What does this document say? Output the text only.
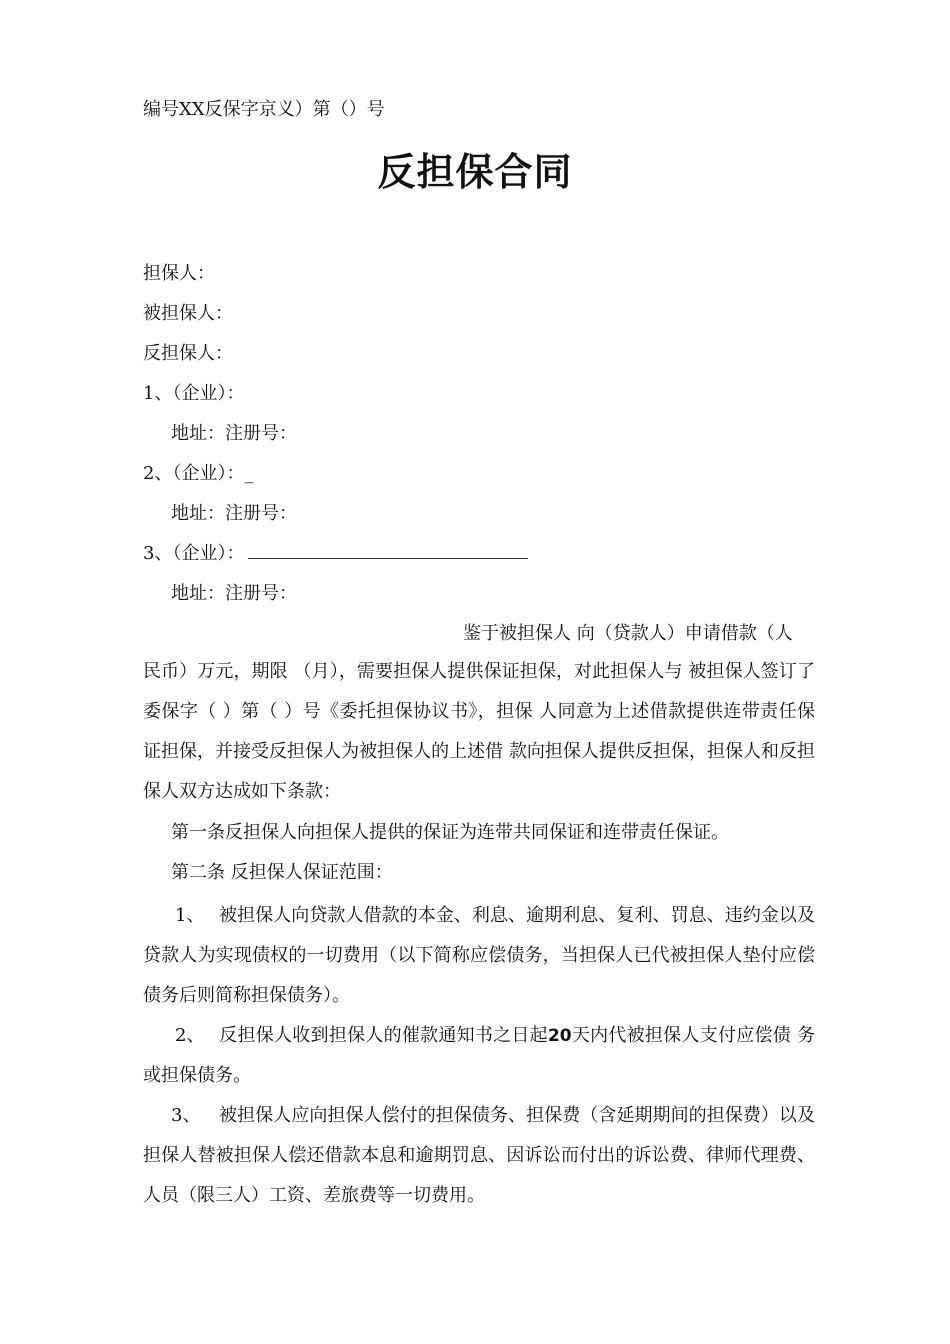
编号XX反保字京义）第（）号
反担保合同
担保人：
被担保人：
反担保人：
1、（企业）：
地址：注册号：
2、（企业）：_
地址：注册号：
3、（企业）：
地址：注册号：
鉴于被担保人 向（贷款人）申请借款（人
民币）万元，期限 （月），需要担保人提供保证担保，对此担保人与 被担保人签订了 委保字（ ）第（ ）号《委托担保协议书》，担保 人同意为上述借款提供连带责任保证担保，并接受反担保人为被担保人的上述借 款向担保人提供反担保，担保人和反担保人双方达成如下条款：
第一条反担保人向担保人提供的保证为连带共同保证和连带责任保证。
第二条 反担保人保证范围：
1、 被担保人向贷款人借款的本金、利息、逾期利息、复利、罚息、违约金以及贷款人为实现债权的一切费用（以下简称应偿债务，当担保人已代被担保人垫付应偿债务后则简称担保债务）。
2、 反担保人收到担保人的催款通知书之日起20天内代被担保人支付应偿债 务或担保债务。
3、 被担保人应向担保人偿付的担保债务、担保费（含延期期间的担保费）以及担保人替被担保人偿还借款本息和逾期罚息、因诉讼而付出的诉讼费、律师代理费、人员（限三人）工资、差旅费等一切费用。
